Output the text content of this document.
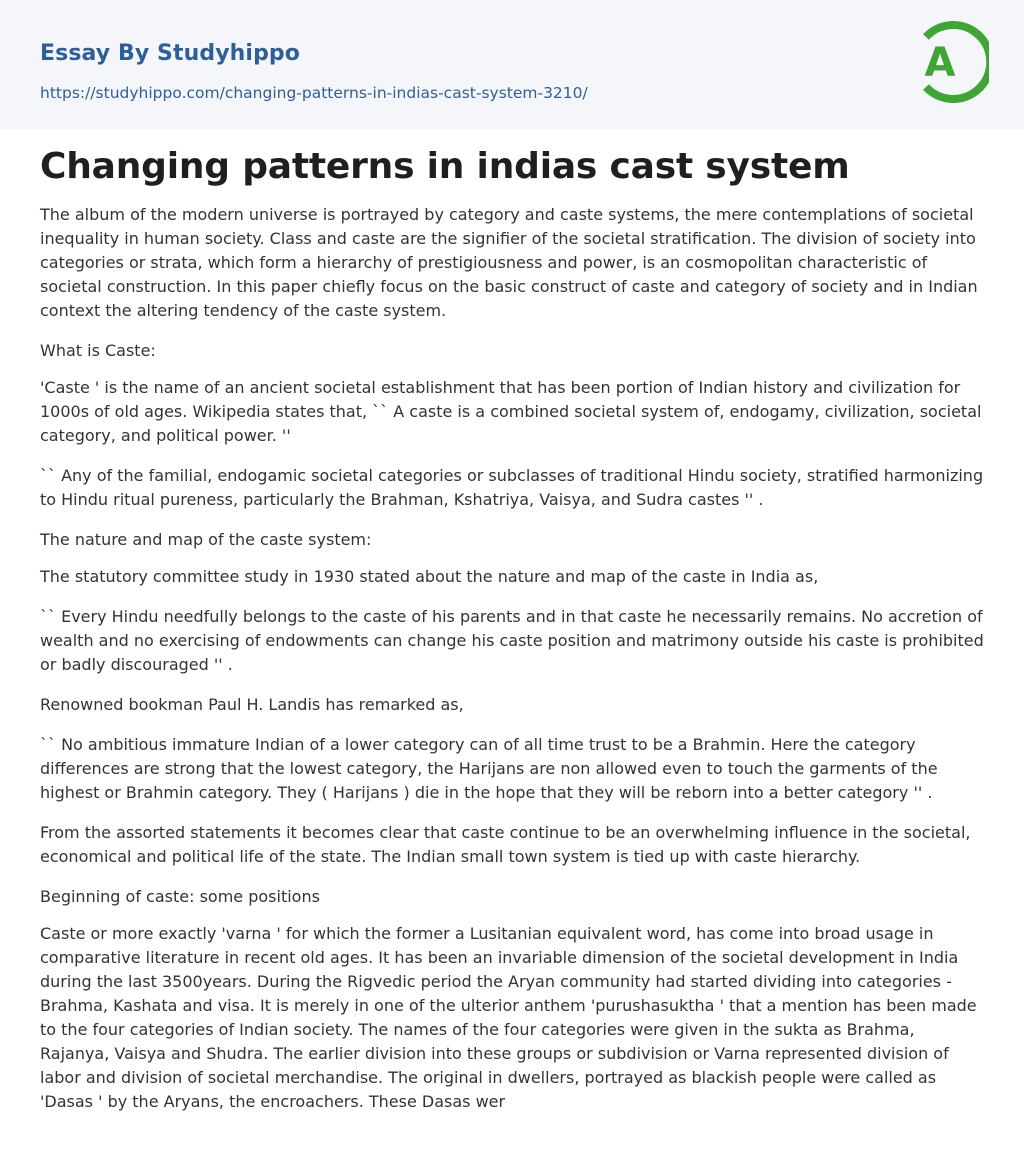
Essay By Studyhippo
https://studyhippo.com/changing-patterns-in-indias-cast-system-3210/
A
Changing patterns in indias cast system

The album of the modern universe is portrayed by category and caste systems, the mere contemplations of societal inequality in human society. Class and caste are the signifier of the societal stratification. The division of society into categories or strata, which form a hierarchy of prestigiousness and power, is an cosmopolitan characteristic of societal construction. In this paper chiefly focus on the basic construct of caste and category of society and in Indian context the altering tendency of the caste system.

What is Caste:

'Caste ' is the name of an ancient societal establishment that has been portion of Indian history and civilization for 1000s of old ages. Wikipedia states that, `` A caste is a combined societal system of, endogamy, civilization, societal category, and political power. ''

`` Any of the familial, endogamic societal categories or subclasses of traditional Hindu society, stratified harmonizing to Hindu ritual pureness, particularly the Brahman, Kshatriya, Vaisya, and Sudra castes '' .

The nature and map of the caste system:

The statutory committee study in 1930 stated about the nature and map of the caste in India as,

`` Every Hindu needfully belongs to the caste of his parents and in that caste he necessarily remains. No accretion of wealth and no exercising of endowments can change his caste position and matrimony outside his caste is prohibited or badly discouraged '' .

Renowned bookman Paul H. Landis has remarked as,

`` No ambitious immature Indian of a lower category can of all time trust to be a Brahmin. Here the category differences are strong that the lowest category, the Harijans are non allowed even to touch the garments of the highest or Brahmin category. They ( Harijans ) die in the hope that they will be reborn into a better category '' .

From the assorted statements it becomes clear that caste continue to be an overwhelming influence in the societal, economical and political life of the state. The Indian small town system is tied up with caste hierarchy.

Beginning of caste: some positions

Caste or more exactly 'varna ' for which the former a Lusitanian equivalent word, has come into broad usage in comparative literature in recent old ages. It has been an invariable dimension of the societal development in India during the last 3500years. During the Rigvedic period the Aryan community had started dividing into categories - Brahma, Kashata and visa. It is merely in one of the ulterior anthem 'purushasuktha ' that a mention has been made to the four categories of Indian society. The names of the four categories were given in the sukta as Brahma, Rajanya, Vaisya and Shudra. The earlier division into these groups or subdivision or Varna represented division of labor and division of societal merchandise. The original in dwellers, portrayed as blackish people were called as 'Dasas ' by the Aryans, the encroachers. These Dasas wer
